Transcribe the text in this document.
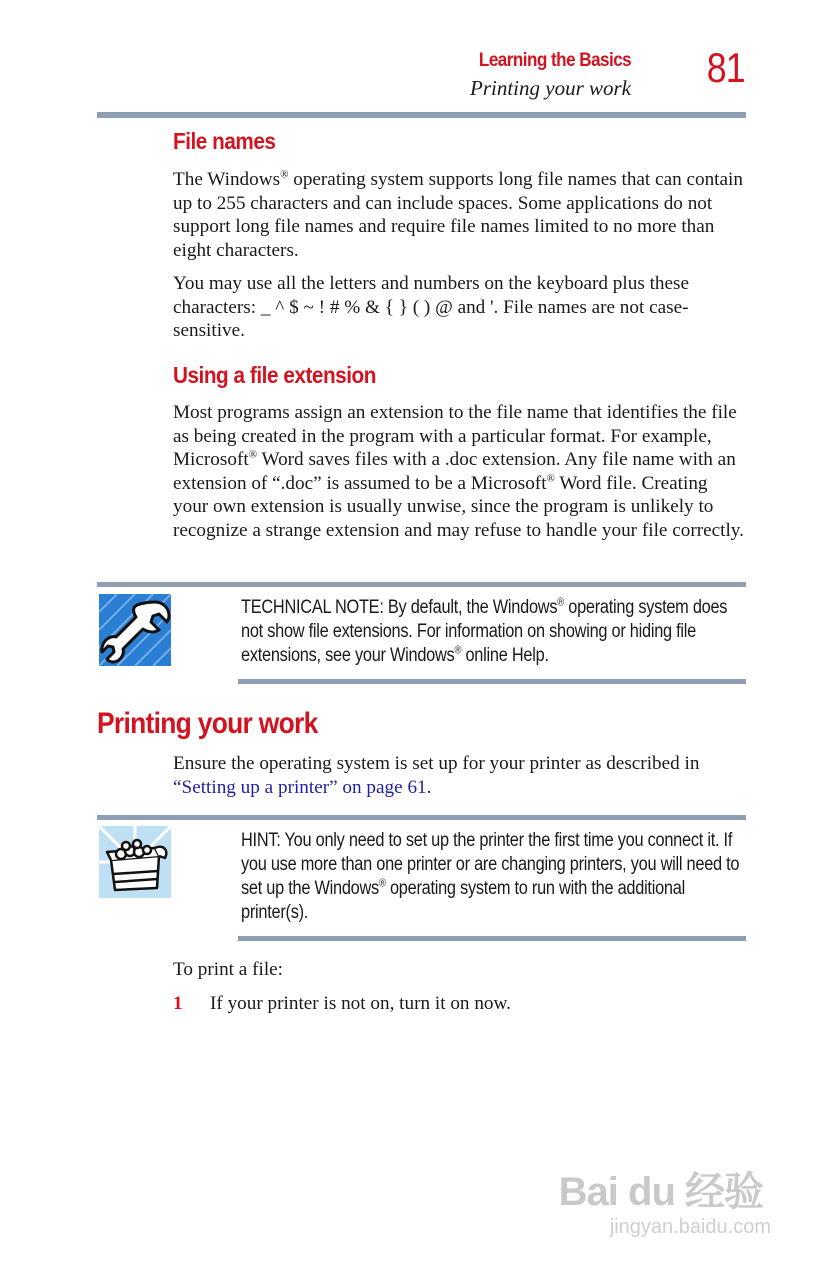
Learning the Basics
Printing your work 81
File names

The Windows® operating system supports long file names that can contain up to 255 characters and can include spaces. Some applications do not support long file names and require file names limited to no more than eight characters.

You may use all the letters and numbers on the keyboard plus these characters: _ ^ $ ~ ! # % & { } ( ) @ and '. File names are not case-sensitive.

Using a file extension

Most programs assign an extension to the file name that identifies the file as being created in the program with a particular format. For example, Microsoft® Word saves files with a .doc extension. Any file name with an extension of “.doc” is assumed to be a Microsoft® Word file. Creating your own extension is usually unwise, since the program is unlikely to recognize a strange extension and may refuse to handle your file correctly.

TECHNICAL NOTE: By default, the Windows® operating system does not show file extensions. For information on showing or hiding file extensions, see your Windows® online Help.

Printing your work

Ensure the operating system is set up for your printer as described in “Setting up a printer” on page 61.

HINT: You only need to set up the printer the first time you connect it. If you use more than one printer or are changing printers, you will need to set up the Windows® operating system to run with the additional printer(s).

To print a file:

1 If your printer is not on, turn it on now.
Bai du 经验
jingyan.baidu.com
